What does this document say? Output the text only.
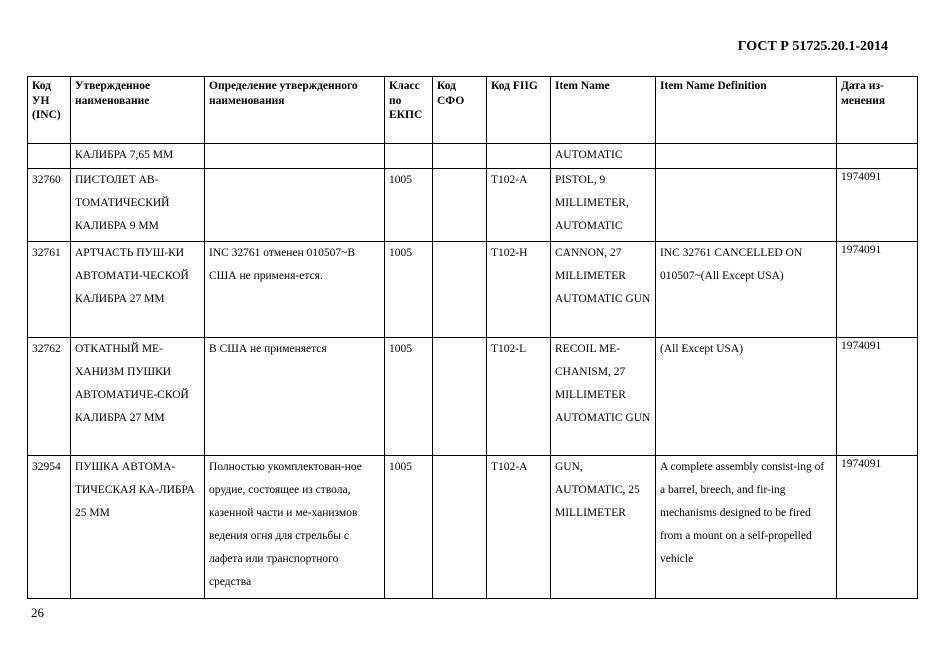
ГОСТ Р 51725.20.1-2014
Код УН (INC)	Утвержденное наименование	Определение утвержденного наименования	Класс по ЕКПС	Код СФО	Код FIIG	Item Name	Item Name Definition	Дата из-менения
	КАЛИБРА 7,65 ММ					AUTOMATIC		
32760	ПИСТОЛЕТ АВ-ТОМАТИЧЕСКИЙ КАЛИБРА 9 ММ		1005		T102-A	PISTOL, 9 MILLIMETER, AUTOMATIC		1974091
32761	АРТЧАСТЬ ПУШ-КИ АВТОМАТИ-ЧЕСКОЙ КАЛИБРА 27 ММ	INC 32761 отменен 010507~В США не применя-ется.	1005		T102-H	CANNON, 27 MILLIMETER AUTOMATIC GUN	INC 32761 CANCELLED ON 010507~(All Except USA)	1974091
32762	ОТКАТНЫЙ МЕ-ХАНИЗМ ПУШКИ АВТОМАТИЧЕ-СКОЙ КАЛИБРА 27 ММ	В США не применяется	1005		T102-L	RECOIL ME-CHANISM, 27 MILLIMETER AUTOMATIC GUN	(All Except USA)	1974091
32954	ПУШКА АВТОМА-ТИЧЕСКАЯ КА-ЛИБРА 25 ММ	Полностью укомплектован-ное орудие, состоящее из ствола, казенной части и ме-ханизмов ведения огня для стрельбы с лафета или транспортного средства	1005		T102-A	GUN, AUTOMATIC, 25 MILLIMETER	A complete assembly consist-ing of a barrel, breech, and fir-ing mechanisms designed to be fired from a mount on a self-propelled vehicle	1974091
26
